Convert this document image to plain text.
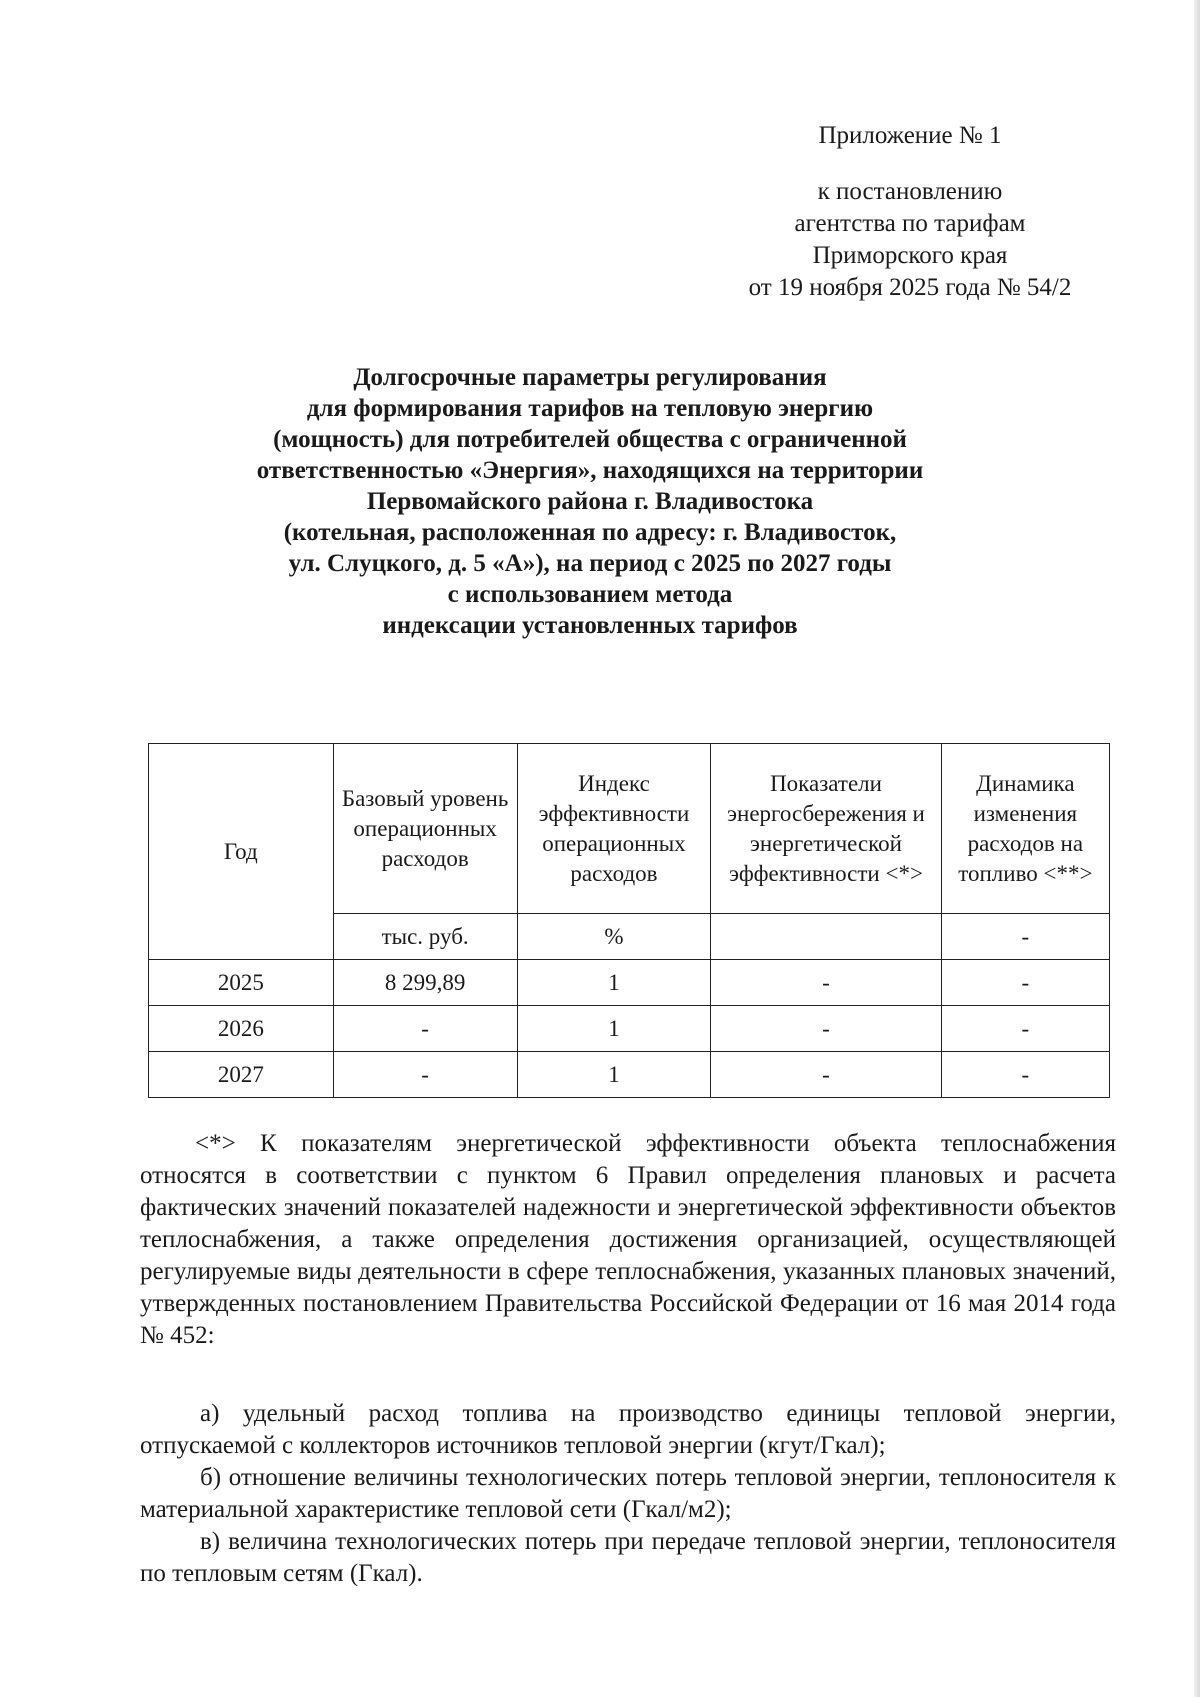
Приложение № 1
к постановлению
агентства по тарифам
Приморского края
от 19 ноября 2025 года № 54/2
Долгосрочные параметры регулирования
для формирования тарифов на тепловую энергию
(мощность) для потребителей общества с ограниченной
ответственностью «Энергия», находящихся на территории
Первомайского района г. Владивостока
(котельная, расположенная по адресу: г. Владивосток,
ул. Слуцкого, д. 5 «А»), на период с 2025 по 2027 годы
с использованием метода
индексации установленных тарифов
Год	Базовый уровень операционных расходов	Индекс эффективности операционных расходов	Показатели энергосбережения и энергетической эффективности <*>	Динамика изменения расходов на топливо <**>
	тыс. руб.	%		-
2025	8 299,89	1	-	-
2026	-	1	-	-
2027	-	1	-	-

<*> К показателям энергетической эффективности объекта теплоснабжения относятся в соответствии с пунктом 6 Правил определения плановых и расчета фактических значений показателей надежности и энергетической эффективности объектов теплоснабжения, а также определения достижения организацией, осуществляющей регулируемые виды деятельности в сфере теплоснабжения, указанных плановых значений, утвержденных постановлением Правительства Российской Федерации от 16 мая 2014 года № 452:

а) удельный расход топлива на производство единицы тепловой энергии, отпускаемой с коллекторов источников тепловой энергии (кгут/Гкал);

б) отношение величины технологических потерь тепловой энергии, теплоносителя к материальной характеристике тепловой сети (Гкал/м2);

в) величина технологических потерь при передаче тепловой энергии, теплоносителя по тепловым сетям (Гкал).
